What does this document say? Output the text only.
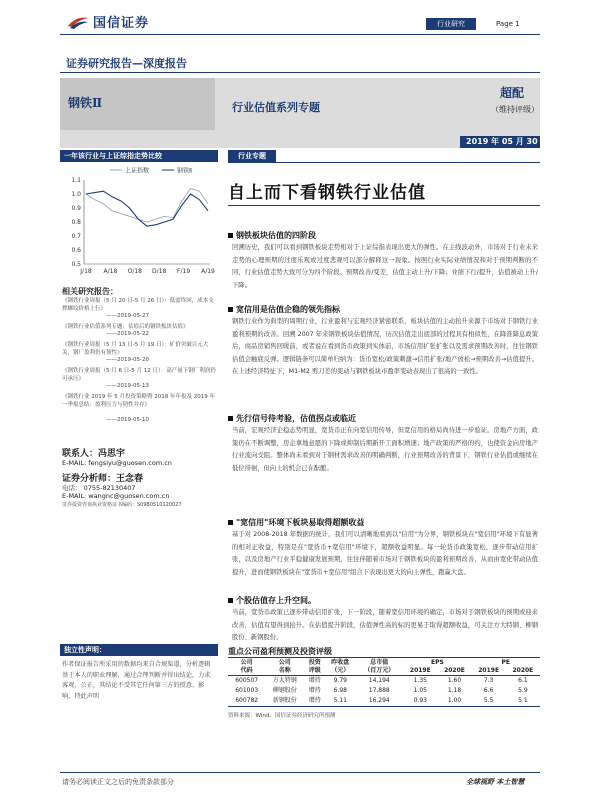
国信证券	行业研究	Page 1
证券研究报告—深度报告
钢铁Ⅱ	行业估值系列专题
超配
（维持评级）
2019 年 05 月 30 日
一年该行业与上证综指走势比较
上证指数	钢铁Ⅱ
0.5
0.6
0.7
0.8
0.9
1.0
1.1
J/18 A/18 O/18 D/18 F/19 A/19
相关研究报告：
《钢铁行业周报（5 月 20 日-5 月 26 日）：低需终回，成本支撑螺纹价格上行》
——2019-05-27
《钢铁行业估值系列专题：估值后的钢铁板块估值》
——2019-05-22
《钢铁行业周报（5 月 13 日-5 月 19 日）：矿价突破百元大关，钢厂盈利仍有韧性》
——2019-05-20
《钢铁行业周报（5 月 6 日-5 月 12 日）：高产量下钢厂利润仍可承压》
——2019-05-13
《钢铁行业 2019 年 5 月投资策略暨 2018 年年报及 2019 年一季报总结：盈利压力与韧性并存》
——2019-05-10
联系人：冯思宇
E-MAIL: fengsiyu@guosen.com.cn
证券分析师：王念春
电话： 0755-82130407
E-MAIL: wangnc@guosen.com.cn
证券投资咨询执业资格证书编码：S0980510120027
独立性声明：
作者保证报告所采用的数据均来自合规渠道，分析逻辑基于本人的职业理解，通过合理判断并得出结论，力求客观、公正，其结论不受其它任何第三方的授意、影响，特此声明
行业专题
自上而下看钢铁行业估值
钢铁板块估值的四阶段
回溯历史，我们可以看到钢铁板块走势相对于上证综指表现出更大的弹性。在主线波动外，市场对于行业未来走势的心理预期的过度乐观或过度悲观可以部分解释这一现象。按照行业实际业绩情况和对于预期判断的不同，行业估值走势大致可分为四个阶段。预期改善/变差，估值主动上升/下降；业绩下行/提升，估值被动上升/下降。
宽信用是估值企稳的领先指标
钢铁行业作为典型的周期行业，行业盈利与宏观经济紧密联系，板块估值的主动抬升来源于市场对于钢铁行业盈利预期的改善。回溯 2007 年来钢铁板块估值情况，历次估值走出底部的过程具有相似性，在降准降息政策后，商品房销售回暖前，或者说在看到货币政策到实体前，市场信用扩张扩张以及需求预期改善时，往往钢铁估值会触底反弹。逻辑链条可以简单归纳为：货币宽松/政策刺激→信用扩张/地产放松→预期改善→估值提升。在上述经济特征下，M1-M2 剪刀差的变动与钢铁板块市盈率变动表现出了很高的一致性。
先行信号待考验，估值拐点或临近
当前，宏观经济企稳态势明显，宽货币正在向宽信用传导，但宽信用的格局尚待进一步验证。房地产方面，政策仍在不断调整，房企拿地意愿的下降或抑制后期新开工面积增速；地产政策的严格的约，也使资金向房地产行业流向受阻。整体尚未看到对于钢材需求改善的明确判断，行业预期改善的背景下，钢铁行业估值或继续在低位徘徊，但向上的机会已在酝酿。
"宽信用"环境下板块易取得超额收益
基于对 2008-2018 年数据的统计，我们可以清晰地看到以"信用"为分界，钢铁板块在"宽信用"环境下有显著的相对正收益，特别是在"宽货币+宽信用"环境下，超额收益明显。每一轮货币政策宽松，逐步带动信用扩张，以及房地产行业平稳健康发展预期，往往伴随着市场对于钢铁板块的盈利预期改善，从而由宽化带动估值提升，进而使钢铁板块在"宽货币+宽信用"组合下表现出更大的向上弹性，跑赢大盘。
个股估值存上升空间。
当前，宽货币政策已逐步带动信用扩张，下一阶段，随着宽信用环境的确定，市场对于钢铁板块的预期或迎来改善，估值有望得到抬升。在估值提升阶段，估值弹性高的标的更易于取得超额收益，可关注方大特钢、柳钢股份、新钢股份。
重点公司盈利预测及投资评级
公司	公司	投资	昨收盘	总市值	EPS		PE	
代码	名称	评级	（元）	（百万元）	2019E	2020E	2019E	2020E
600507	方大特钢	增持	9.79	14,194	1.35	1.60	7.3	6.1
601003	柳钢股份	增持	6.98	17,888	1.05	1.18	6.6	5.9
600782	新钢股份	增持	5.11	16,294	0.93	1.00	5.5	5.1
资料来源：Wind、国信证券经济研究所预测
请务必阅读正文之后的免责条款部分	全球视野 本土智慧
